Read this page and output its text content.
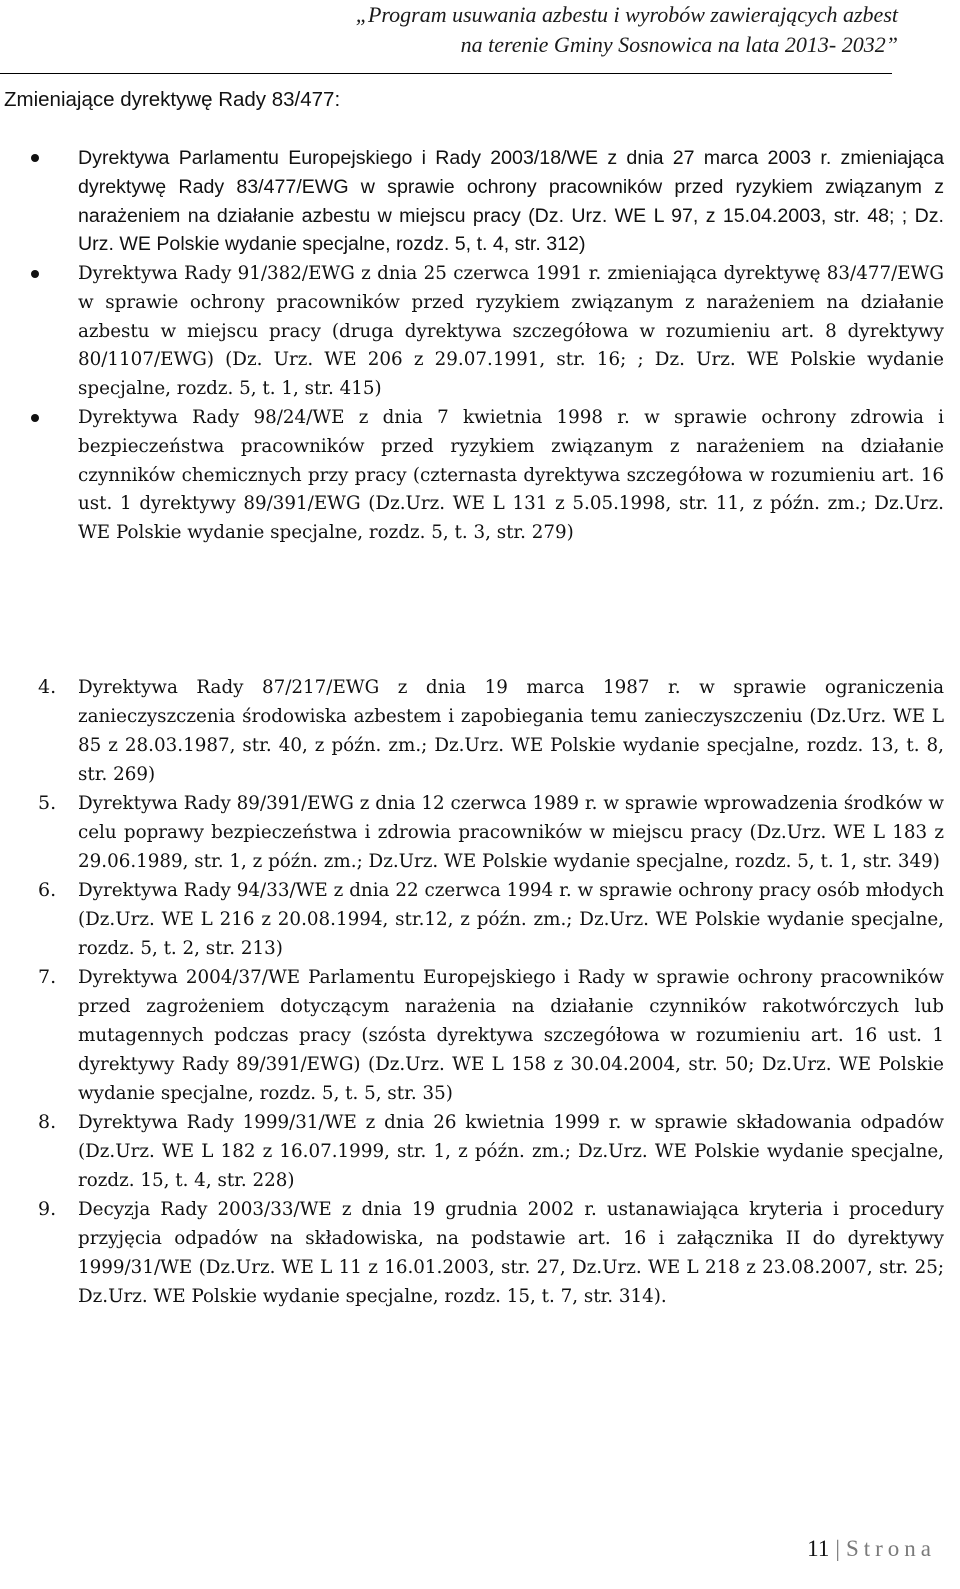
„Program usuwania azbestu i wyrobów zawierających azbest
na terenie Gminy Sosnowica na lata 2013- 2032”
Zmieniające dyrektywę Rady 83/477:
Dyrektywa Parlamentu Europejskiego i Rady 2003/18/WE z dnia 27 marca 2003 r. zmieniająca dyrektywę Rady 83/477/EWG w sprawie ochrony pracowników przed ryzykiem związanym z narażeniem na działanie azbestu w miejscu pracy (Dz. Urz. WE L 97, z 15.04.2003, str. 48; ; Dz. Urz. WE Polskie wydanie specjalne, rozdz. 5, t. 4, str. 312)
Dyrektywa Rady 91/382/EWG z dnia 25 czerwca 1991 r. zmieniająca dyrektywę 83/477/EWG w sprawie ochrony pracowników przed ryzykiem związanym z narażeniem na działanie azbestu w miejscu pracy (druga dyrektywa szczegółowa w rozumieniu art. 8 dyrektywy 80/1107/EWG) (Dz. Urz. WE 206 z 29.07.1991, str. 16; ; Dz. Urz. WE Polskie wydanie specjalne, rozdz. 5, t. 1, str. 415)
Dyrektywa Rady 98/24/WE z dnia 7 kwietnia 1998 r. w sprawie ochrony zdrowia i bezpieczeństwa pracowników przed ryzykiem związanym z narażeniem na działanie czynników chemicznych przy pracy (czternasta dyrektywa szczegółowa w rozumieniu art. 16 ust. 1 dyrektywy 89/391/EWG (Dz.Urz. WE L 131 z 5.05.1998, str. 11, z późn. zm.; Dz.Urz. WE Polskie wydanie specjalne, rozdz. 5, t. 3, str. 279)
4.	Dyrektywa Rady 87/217/EWG z dnia 19 marca 1987 r. w sprawie ograniczenia zanieczyszczenia środowiska azbestem i zapobiegania temu zanieczyszczeniu (Dz.Urz. WE L 85 z 28.03.1987, str. 40, z późn. zm.; Dz.Urz. WE Polskie wydanie specjalne, rozdz. 13, t. 8, str. 269)
5.	Dyrektywa Rady 89/391/EWG z dnia 12 czerwca 1989 r. w sprawie wprowadzenia środków w celu poprawy bezpieczeństwa i zdrowia pracowników w miejscu pracy (Dz.Urz. WE L 183 z 29.06.1989, str. 1, z późn. zm.; Dz.Urz. WE Polskie wydanie specjalne, rozdz. 5, t. 1, str. 349)
6.	Dyrektywa Rady 94/33/WE z dnia 22 czerwca 1994 r. w sprawie ochrony pracy osób młodych (Dz.Urz. WE L 216 z 20.08.1994, str.12, z późn. zm.; Dz.Urz. WE Polskie wydanie specjalne, rozdz. 5, t. 2, str. 213)
7.	Dyrektywa 2004/37/WE Parlamentu Europejskiego i Rady w sprawie ochrony pracowników przed zagrożeniem dotyczącym narażenia na działanie czynników rakotwórczych lub mutagennych podczas pracy (szósta dyrektywa szczegółowa w rozumieniu art. 16 ust. 1 dyrektywy Rady 89/391/EWG) (Dz.Urz. WE L 158 z 30.04.2004, str. 50; Dz.Urz. WE Polskie wydanie specjalne, rozdz. 5, t. 5, str. 35)
8.	Dyrektywa Rady 1999/31/WE z dnia 26 kwietnia 1999 r. w sprawie składowania odpadów (Dz.Urz. WE L 182 z 16.07.1999, str. 1, z późn. zm.; Dz.Urz. WE Polskie wydanie specjalne, rozdz. 15, t. 4, str. 228)
9.	Decyzja Rady 2003/33/WE z dnia 19 grudnia 2002 r. ustanawiająca kryteria i procedury przyjęcia odpadów na składowiska, na podstawie art. 16 i załącznika II do dyrektywy 1999/31/WE (Dz.Urz. WE L 11 z 16.01.2003, str. 27, Dz.Urz. WE L 218 z 23.08.2007, str. 25; Dz.Urz. WE Polskie wydanie specjalne, rozdz. 15, t. 7, str. 314).
11 | Strona
